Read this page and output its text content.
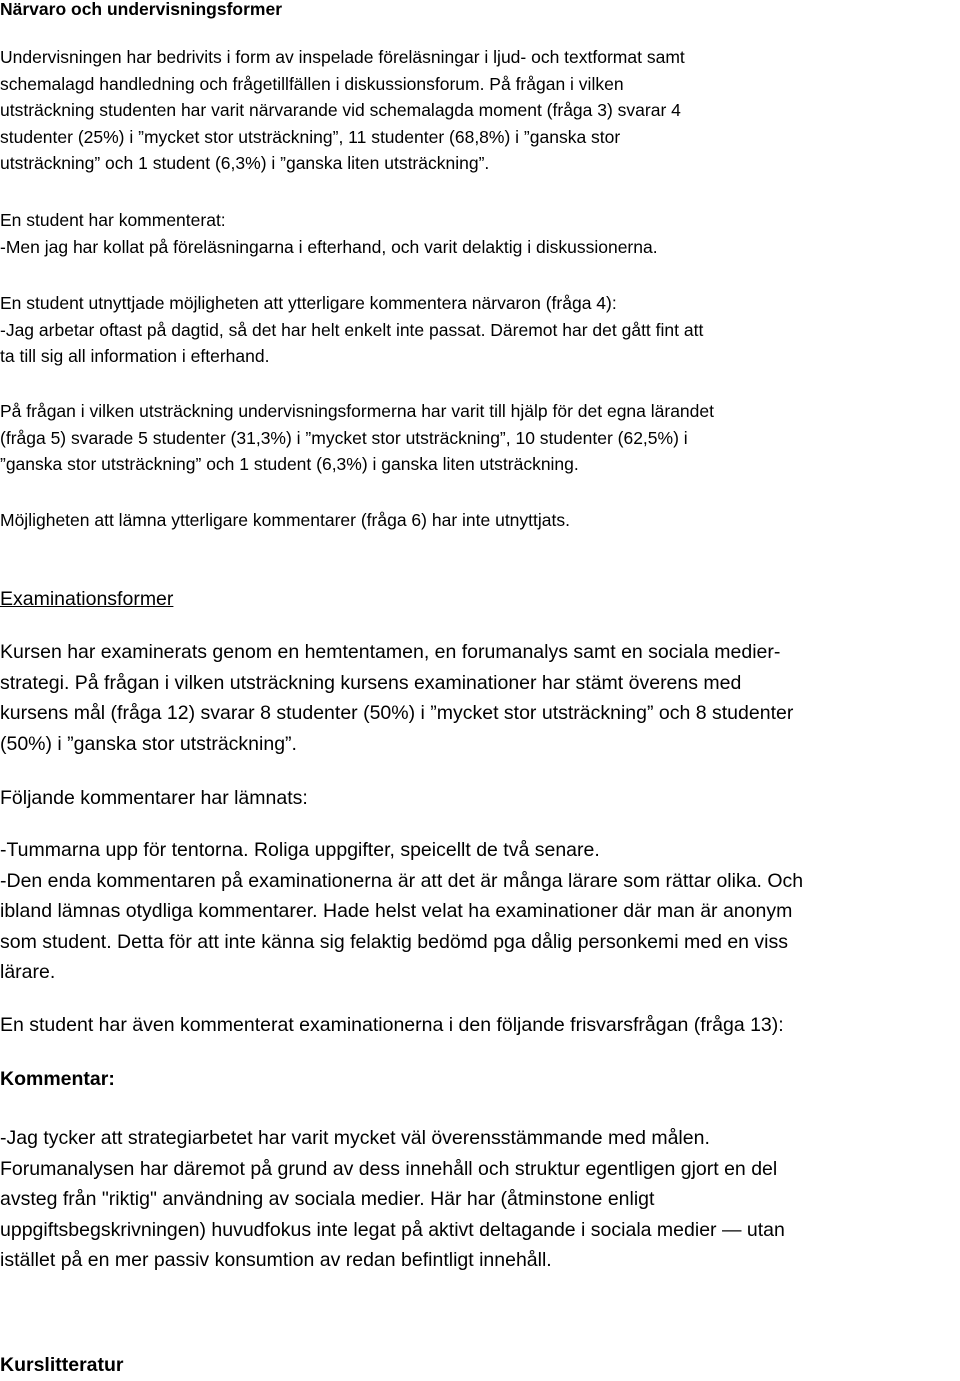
Närvaro och undervisningsformer
Undervisningen har bedrivits i form av inspelade föreläsningar i ljud- och textformat samt
schemalagd handledning och frågetillfällen i diskussionsforum. På frågan i vilken
utsträckning studenten har varit närvarande vid schemalagda moment (fråga 3) svarar 4
studenter (25%) i ”mycket stor utsträckning”, 11 studenter (68,8%) i ”ganska stor
utsträckning” och 1 student (6,3%) i ”ganska liten utsträckning”.
En student har kommenterat:
-Men jag har kollat på föreläsningarna i efterhand, och varit delaktig i diskussionerna.
En student utnyttjade möjligheten att ytterligare kommentera närvaron (fråga 4):
-Jag arbetar oftast på dagtid, så det har helt enkelt inte passat. Däremot har det gått fint att
ta till sig all information i efterhand.
På frågan i vilken utsträckning undervisningsformerna har varit till hjälp för det egna lärandet
(fråga 5) svarade 5 studenter (31,3%) i ”mycket stor utsträckning”, 10 studenter (62,5%) i
”ganska stor utsträckning” och 1 student (6,3%) i ganska liten utsträckning.
Möjligheten att lämna ytterligare kommentarer (fråga 6) har inte utnyttjats.
Examinationsformer
Kursen har examinerats genom en hemtentamen, en forumanalys samt en sociala medier-
strategi. På frågan i vilken utsträckning kursens examinationer har stämt överens med
kursens mål (fråga 12) svarar 8 studenter (50%) i ”mycket stor utsträckning” och 8 studenter
(50%) i ”ganska stor utsträckning”.
Följande kommentarer har lämnats:
-Tummarna upp för tentorna. Roliga uppgifter, speicellt de två senare.
-Den enda kommentaren på examinationerna är att det är många lärare som rättar olika. Och
ibland lämnas otydliga kommentarer. Hade helst velat ha examinationer där man är anonym
som student. Detta för att inte känna sig felaktig bedömd pga dålig personkemi med en viss
lärare.
En student har även kommenterat examinationerna i den följande frisvarsfrågan (fråga 13):
Kommentar:
-Jag tycker att strategiarbetet har varit mycket väl överensstämmande med målen.
Forumanalysen har däremot på grund av dess innehåll och struktur egentligen gjort en del
avsteg från "riktig" användning av sociala medier. Här har (åtminstone enligt
uppgiftsbegskrivningen) huvudfokus inte legat på aktivt deltagande i sociala medier — utan
istället på en mer passiv konsumtion av redan befintligt innehåll.
Kurslitteratur
